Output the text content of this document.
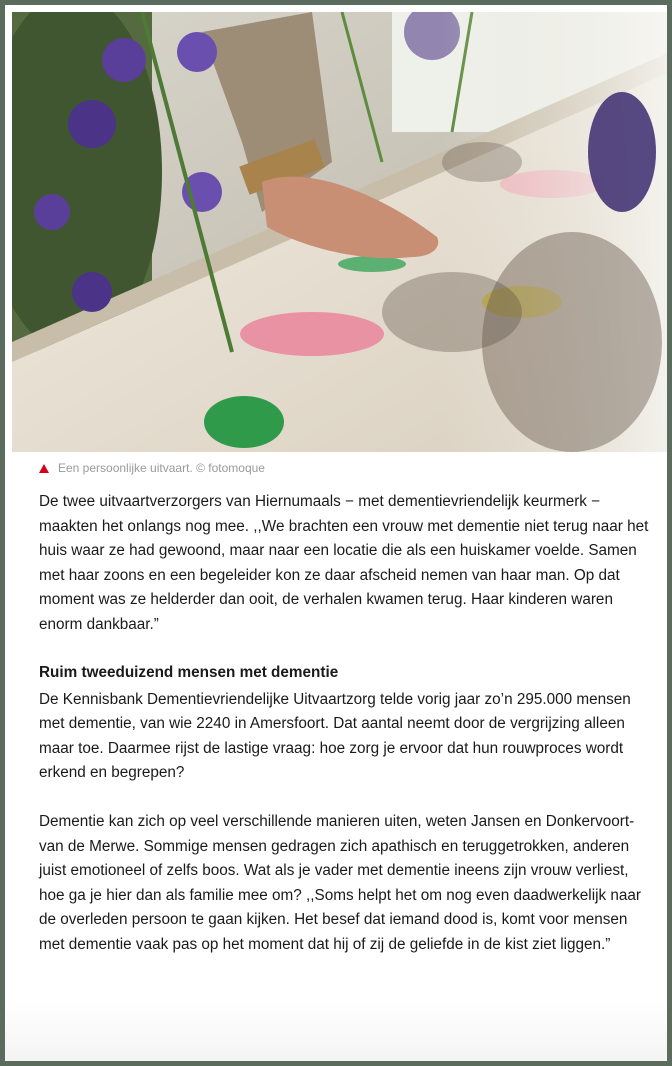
Een persoonlijke uitvaart. © fotomoque

De twee uitvaartverzorgers van Hiernumaals − met dementievriendelijk keurmerk − maakten het onlangs nog mee. ,,We brachten een vrouw met dementie niet terug naar het huis waar ze had gewoond, maar naar een locatie die als een huiskamer voelde. Samen met haar zoons en een begeleider kon ze daar afscheid nemen van haar man. Op dat moment was ze helderder dan ooit, de verhalen kwamen terug. Haar kinderen waren enorm dankbaar.”

Ruim tweeduizend mensen met dementie

De Kennisbank Dementievriendelijke Uitvaartzorg telde vorig jaar zo’n 295.000 mensen met dementie, van wie 2240 in Amersfoort. Dat aantal neemt door de vergrijzing alleen maar toe. Daarmee rijst de lastige vraag: hoe zorg je ervoor dat hun rouwproces wordt erkend en begrepen?

Dementie kan zich op veel verschillende manieren uiten, weten Jansen en Donkervoort-van de Merwe. Sommige mensen gedragen zich apathisch en teruggetrokken, anderen juist emotioneel of zelfs boos. Wat als je vader met dementie ineens zijn vrouw verliest, hoe ga je hier dan als familie mee om? ,,Soms helpt het om nog even daadwerkelijk naar de overleden persoon te gaan kijken. Het besef dat iemand dood is, komt voor mensen met dementie vaak pas op het moment dat hij of zij de geliefde in de kist ziet liggen.”
